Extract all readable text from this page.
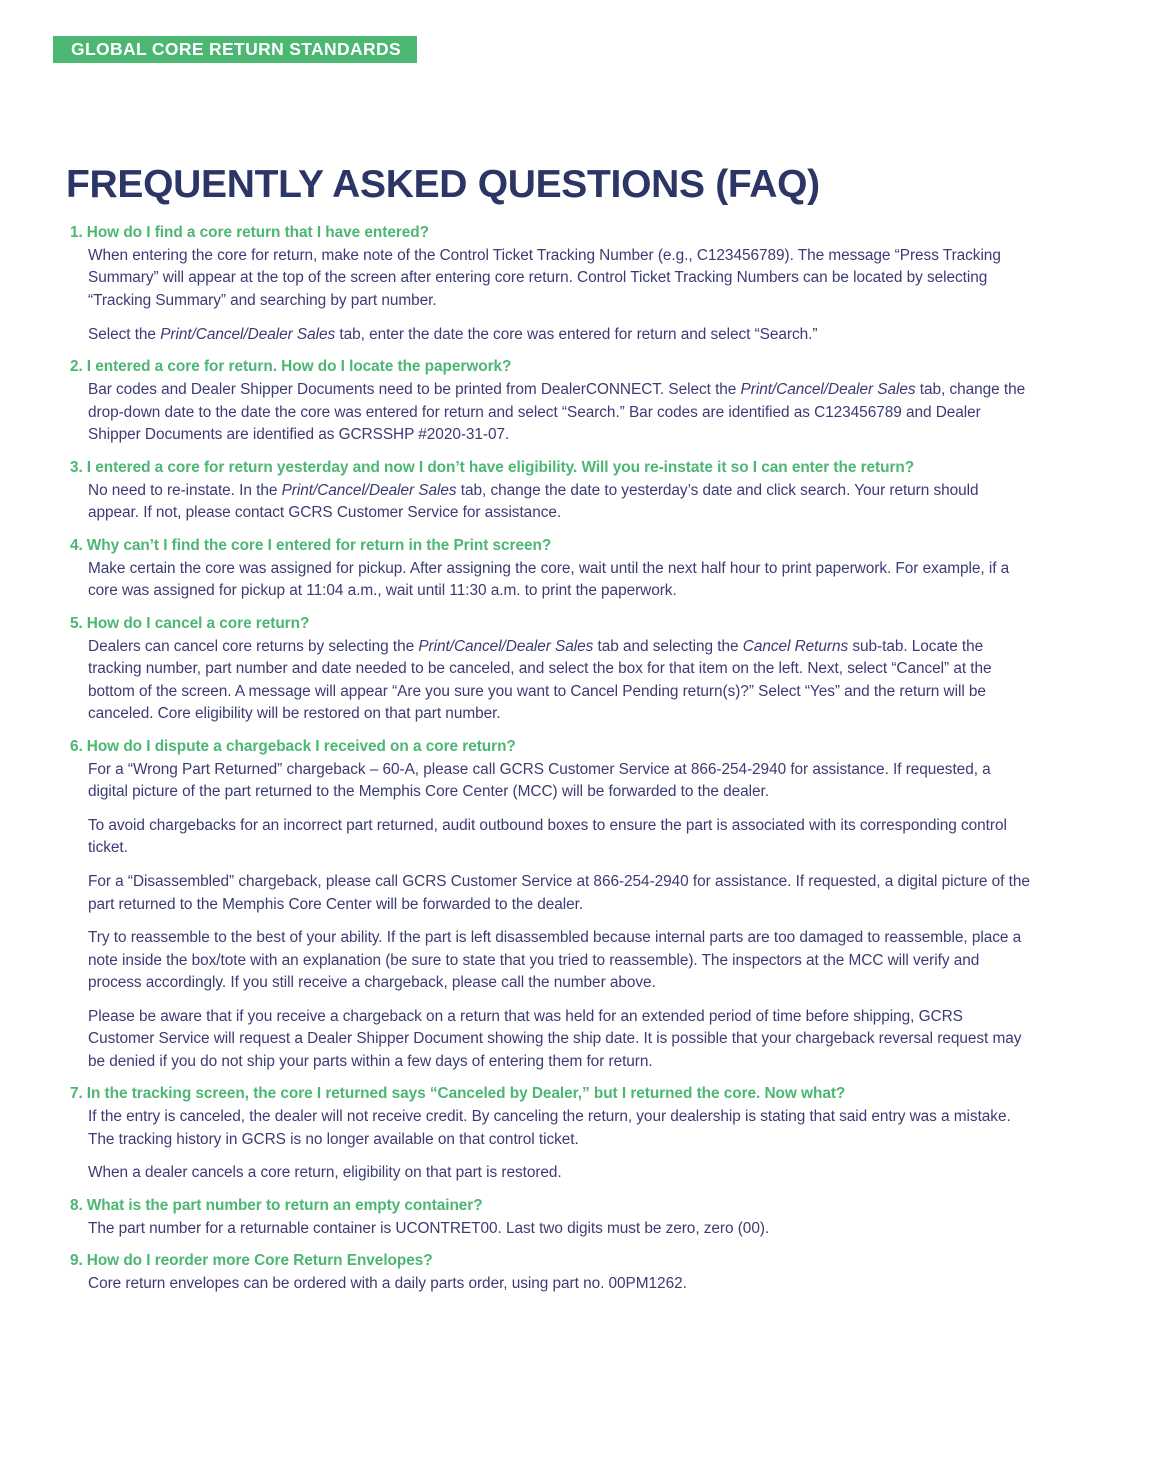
GLOBAL CORE RETURN STANDARDS
FREQUENTLY ASKED QUESTIONS (FAQ)
1. How do I find a core return that I have entered?

When entering the core for return, make note of the Control Ticket Tracking Number (e.g., C123456789). The message “Press Tracking Summary” will appear at the top of the screen after entering core return. Control Ticket Tracking Numbers can be located by selecting “Tracking Summary” and searching by part number.

Select the Print/Cancel/Dealer Sales tab, enter the date the core was entered for return and select “Search.”

2. I entered a core for return. How do I locate the paperwork?

Bar codes and Dealer Shipper Documents need to be printed from DealerCONNECT. Select the Print/Cancel/Dealer Sales tab, change the drop-down date to the date the core was entered for return and select “Search.” Bar codes are identified as C123456789 and Dealer Shipper Documents are identified as GCRSSHP #2020-31-07.

3. I entered a core for return yesterday and now I don’t have eligibility. Will you re-instate it so I can enter the return?

No need to re-instate. In the Print/Cancel/Dealer Sales tab, change the date to yesterday’s date and click search. Your return should appear. If not, please contact GCRS Customer Service for assistance.

4. Why can’t I find the core I entered for return in the Print screen?

Make certain the core was assigned for pickup. After assigning the core, wait until the next half hour to print paperwork. For example, if a core was assigned for pickup at 11:04 a.m., wait until 11:30 a.m. to print the paperwork.

5. How do I cancel a core return?

Dealers can cancel core returns by selecting the Print/Cancel/Dealer Sales tab and selecting the Cancel Returns sub-tab. Locate the tracking number, part number and date needed to be canceled, and select the box for that item on the left. Next, select “Cancel” at the bottom of the screen. A message will appear “Are you sure you want to Cancel Pending return(s)?” Select “Yes” and the return will be canceled. Core eligibility will be restored on that part number.

6. How do I dispute a chargeback I received on a core return?

For a “Wrong Part Returned” chargeback – 60-A, please call GCRS Customer Service at 866-254-2940 for assistance. If requested, a digital picture of the part returned to the Memphis Core Center (MCC) will be forwarded to the dealer.

To avoid chargebacks for an incorrect part returned, audit outbound boxes to ensure the part is associated with its corresponding control ticket.

For a “Disassembled” chargeback, please call GCRS Customer Service at 866-254-2940 for assistance. If requested, a digital picture of the part returned to the Memphis Core Center will be forwarded to the dealer.

Try to reassemble to the best of your ability. If the part is left disassembled because internal parts are too damaged to reassemble, place a note inside the box/tote with an explanation (be sure to state that you tried to reassemble). The inspectors at the MCC will verify and process accordingly. If you still receive a chargeback, please call the number above.

Please be aware that if you receive a chargeback on a return that was held for an extended period of time before shipping, GCRS Customer Service will request a Dealer Shipper Document showing the ship date. It is possible that your chargeback reversal request may be denied if you do not ship your parts within a few days of entering them for return.

7. In the tracking screen, the core I returned says “Canceled by Dealer,” but I returned the core. Now what?

If the entry is canceled, the dealer will not receive credit. By canceling the return, your dealership is stating that said entry was a mistake. The tracking history in GCRS is no longer available on that control ticket.

When a dealer cancels a core return, eligibility on that part is restored.

8. What is the part number to return an empty container?

The part number for a returnable container is UCONTRET00. Last two digits must be zero, zero (00).

9. How do I reorder more Core Return Envelopes?

Core return envelopes can be ordered with a daily parts order, using part no. 00PM1262.
